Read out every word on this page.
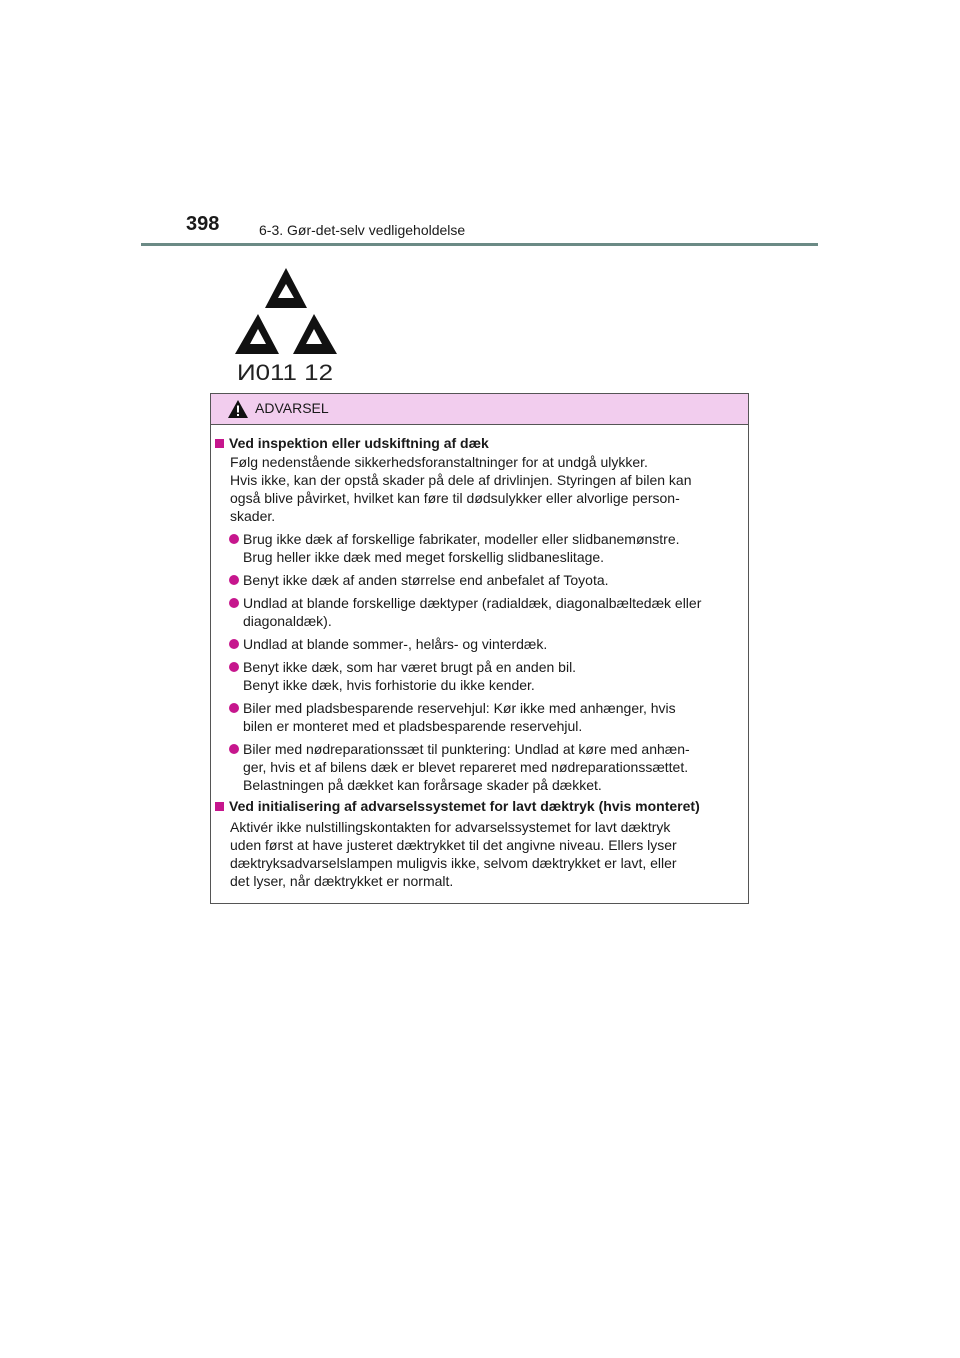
398	6-3. Gør-det-selv vedligeholdelse
И011 12
ADVARSEL
Ved inspektion eller udskiftning af dæk
Følg nedenstående sikkerhedsforanstaltninger for at undgå ulykker.
Hvis ikke, kan der opstå skader på dele af drivlinjen. Styringen af bilen kan
også blive påvirket, hvilket kan føre til dødsulykker eller alvorlige person-
skader.
Brug ikke dæk af forskellige fabrikater, modeller eller slidbanemønstre.
Brug heller ikke dæk med meget forskellig slidbaneslitage.
Benyt ikke dæk af anden størrelse end anbefalet af Toyota.
Undlad at blande forskellige dæktyper (radialdæk, diagonalbæltedæk eller
diagonaldæk).
Undlad at blande sommer-, helårs- og vinterdæk.
Benyt ikke dæk, som har været brugt på en anden bil.
Benyt ikke dæk, hvis forhistorie du ikke kender.
Biler med pladsbesparende reservehjul: Kør ikke med anhænger, hvis
bilen er monteret med et pladsbesparende reservehjul.
Biler med nødreparationssæt til punktering: Undlad at køre med anhæn-
ger, hvis et af bilens dæk er blevet repareret med nødreparationssættet.
Belastningen på dækket kan forårsage skader på dækket.
Ved initialisering af advarselssystemet for lavt dæktryk (hvis monteret)
Aktivér ikke nulstillingskontakten for advarselssystemet for lavt dæktryk
uden først at have justeret dæktrykket til det angivne niveau. Ellers lyser
dæktryksadvarselslampen muligvis ikke, selvom dæktrykket er lavt, eller
det lyser, når dæktrykket er normalt.
